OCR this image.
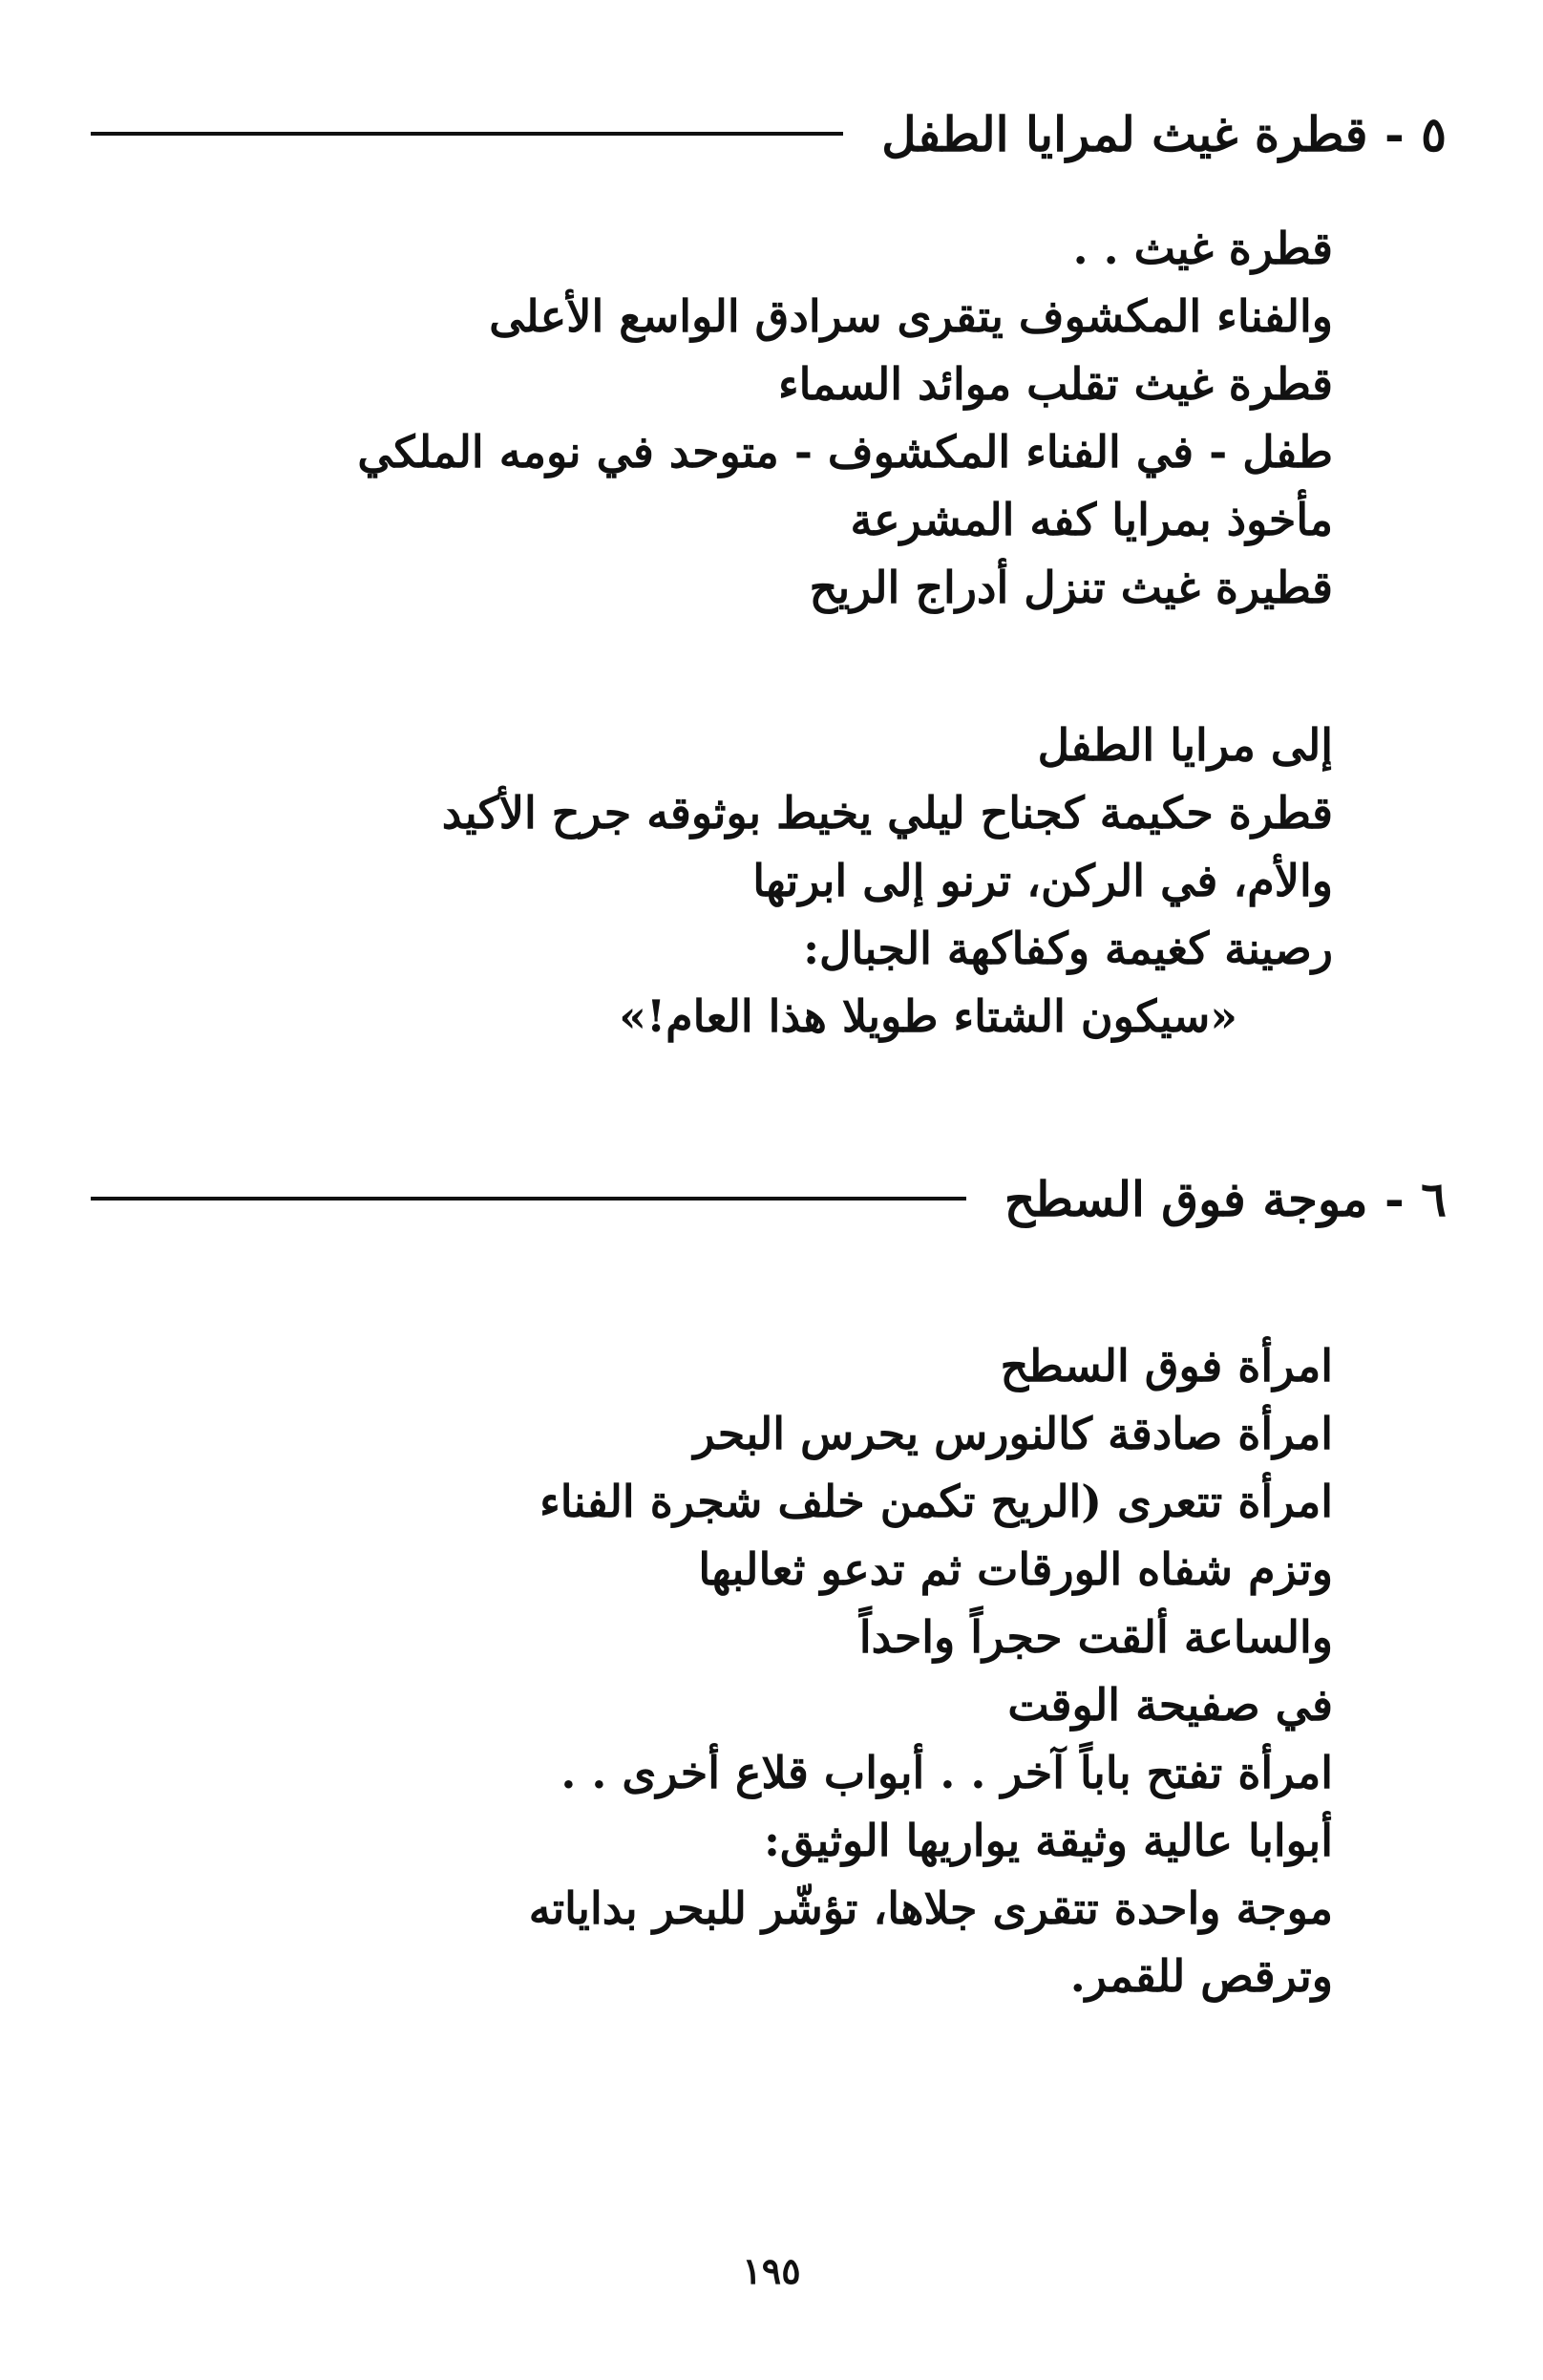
٥ - قطرة غيث لمرايا الطفل
قطرة غيث . .
والفناء المكشوف يتقرى سرادق الواسع الأعلى
قطرة غيث تقلب موائد السماء
طفل - في الفناء المكشوف - متوحد في نومه الملكي
مأخوذ بمرايا كفه المشرعة
قطيرة غيث تنزل أدراج الريح
إلى مرايا الطفل
قطرة حكيمة كجناح ليلي يخيط بوثوقه جرح الأكيد
والأم، في الركن، ترنو إلى ابرتها
رصينة كغيمة وكفاكهة الجبال:
«سيكون الشتاء طويلا هذا العام!»
٦ - موجة فوق السطح
امرأة فوق السطح
امرأة صادقة كالنورس يحرس البحر
امرأة تتعرى (الريح تكمن خلف شجرة الفناء
وتزم شفاه الورقات ثم تدعو ثعالبها
والساعة ألقت حجراً واحداً
في صفيحة الوقت
امرأة تفتح باباً آخر . . أبواب قلاع أخرى . .
أبوابا عالية وثيقة يواريها الوثيق:
موجة واحدة تتقرى جلاها، تؤشّر للبحر بداياته
وترقص للقمر.
١٩٥
